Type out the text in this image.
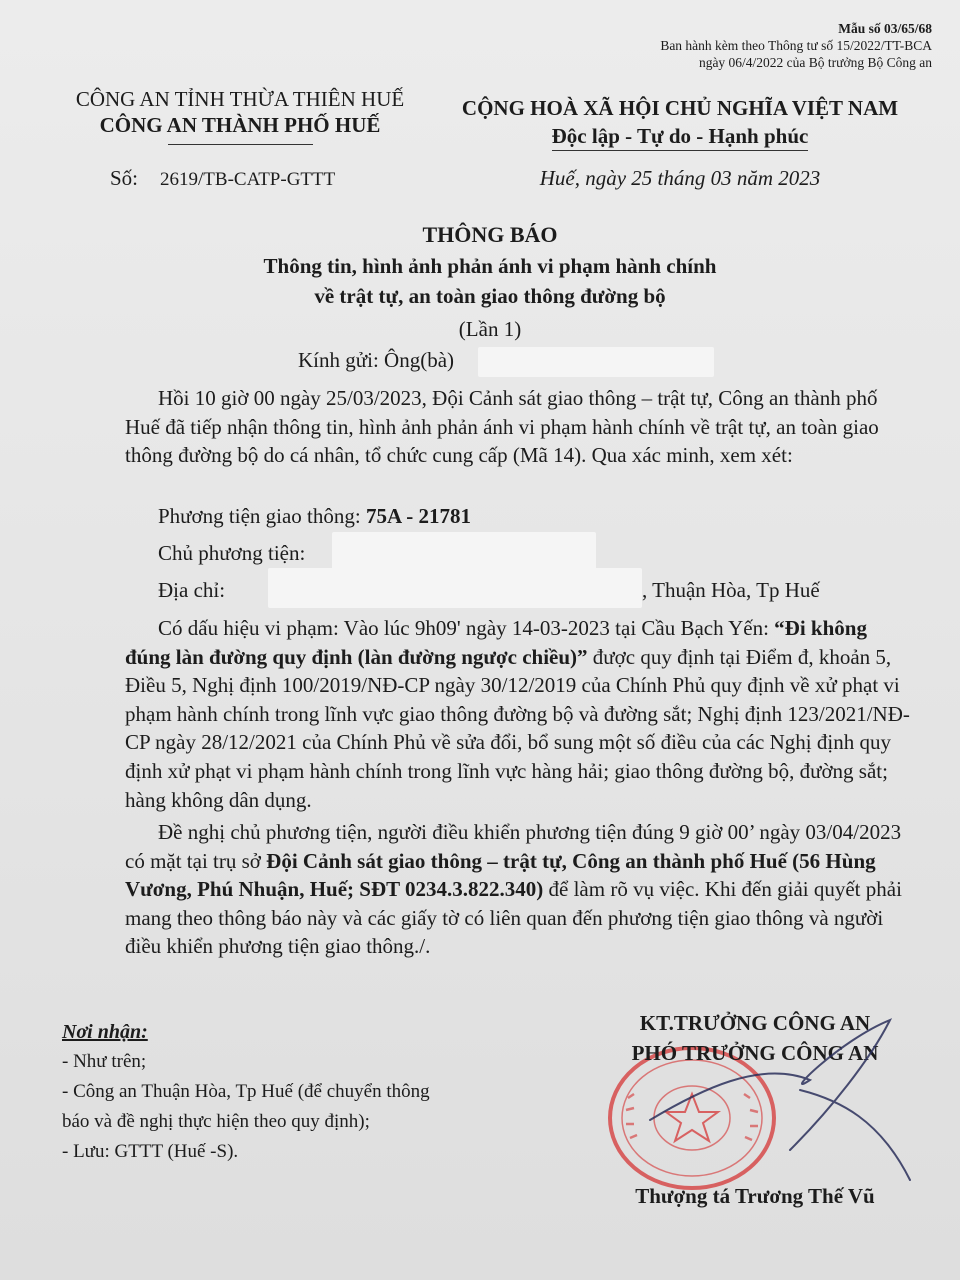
Mẫu số 03/65/68
Ban hành kèm theo Thông tư số 15/2022/TT-BCA
ngày 06/4/2022 của Bộ trưởng Bộ Công an
CÔNG AN TỈNH THỪA THIÊN HUẾ
CÔNG AN THÀNH PHỐ HUẾ
CỘNG HOÀ XÃ HỘI CHỦ NGHĨA VIỆT NAM
Độc lập - Tự do - Hạnh phúc
Số: 2619/TB-CATP-GTTT	Huế, ngày 25 tháng 03 năm 2023
THÔNG BÁO
Thông tin, hình ảnh phản ánh vi phạm hành chính
về trật tự, an toàn giao thông đường bộ
(Lần 1)
Kính gửi: Ông(bà)

Hồi 10 giờ 00 ngày 25/03/2023, Đội Cảnh sát giao thông – trật tự, Công an thành phố Huế đã tiếp nhận thông tin, hình ảnh phản ánh vi phạm hành chính về trật tự, an toàn giao thông đường bộ do cá nhân, tổ chức cung cấp (Mã 14). Qua xác minh, xem xét:

Phương tiện giao thông: 75A - 21781
Chủ phương tiện:
Địa chỉ:	, Thuận Hòa, Tp Huế

Có dấu hiệu vi phạm: Vào lúc 9h09' ngày 14-03-2023 tại Cầu Bạch Yến: “Đi không đúng làn đường quy định (làn đường ngược chiều)” được quy định tại Điểm đ, khoản 5, Điều 5, Nghị định 100/2019/NĐ-CP ngày 30/12/2019 của Chính Phủ quy định về xử phạt vi phạm hành chính trong lĩnh vực giao thông đường bộ và đường sắt; Nghị định 123/2021/NĐ-CP ngày 28/12/2021 của Chính Phủ về sửa đổi, bổ sung một số điều của các Nghị định quy định xử phạt vi phạm hành chính trong lĩnh vực hàng hải; giao thông đường bộ, đường sắt; hàng không dân dụng.

Đề nghị chủ phương tiện, người điều khiển phương tiện đúng 9 giờ 00’ ngày 03/04/2023 có mặt tại trụ sở Đội Cảnh sát giao thông – trật tự, Công an thành phố Huế (56 Hùng Vương, Phú Nhuận, Huế; SĐT 0234.3.822.340) để làm rõ vụ việc. Khi đến giải quyết phải mang theo thông báo này và các giấy tờ có liên quan đến phương tiện giao thông và người điều khiển phương tiện giao thông./.

Nơi nhận:
- Như trên;
- Công an Thuận Hòa, Tp Huế (để chuyển thông
báo và đề nghị thực hiện theo quy định);
- Lưu: GTTT (Huế -S).
KT.TRƯỞNG CÔNG AN
PHÓ TRƯỞNG CÔNG AN
Thượng tá Trương Thế Vũ
